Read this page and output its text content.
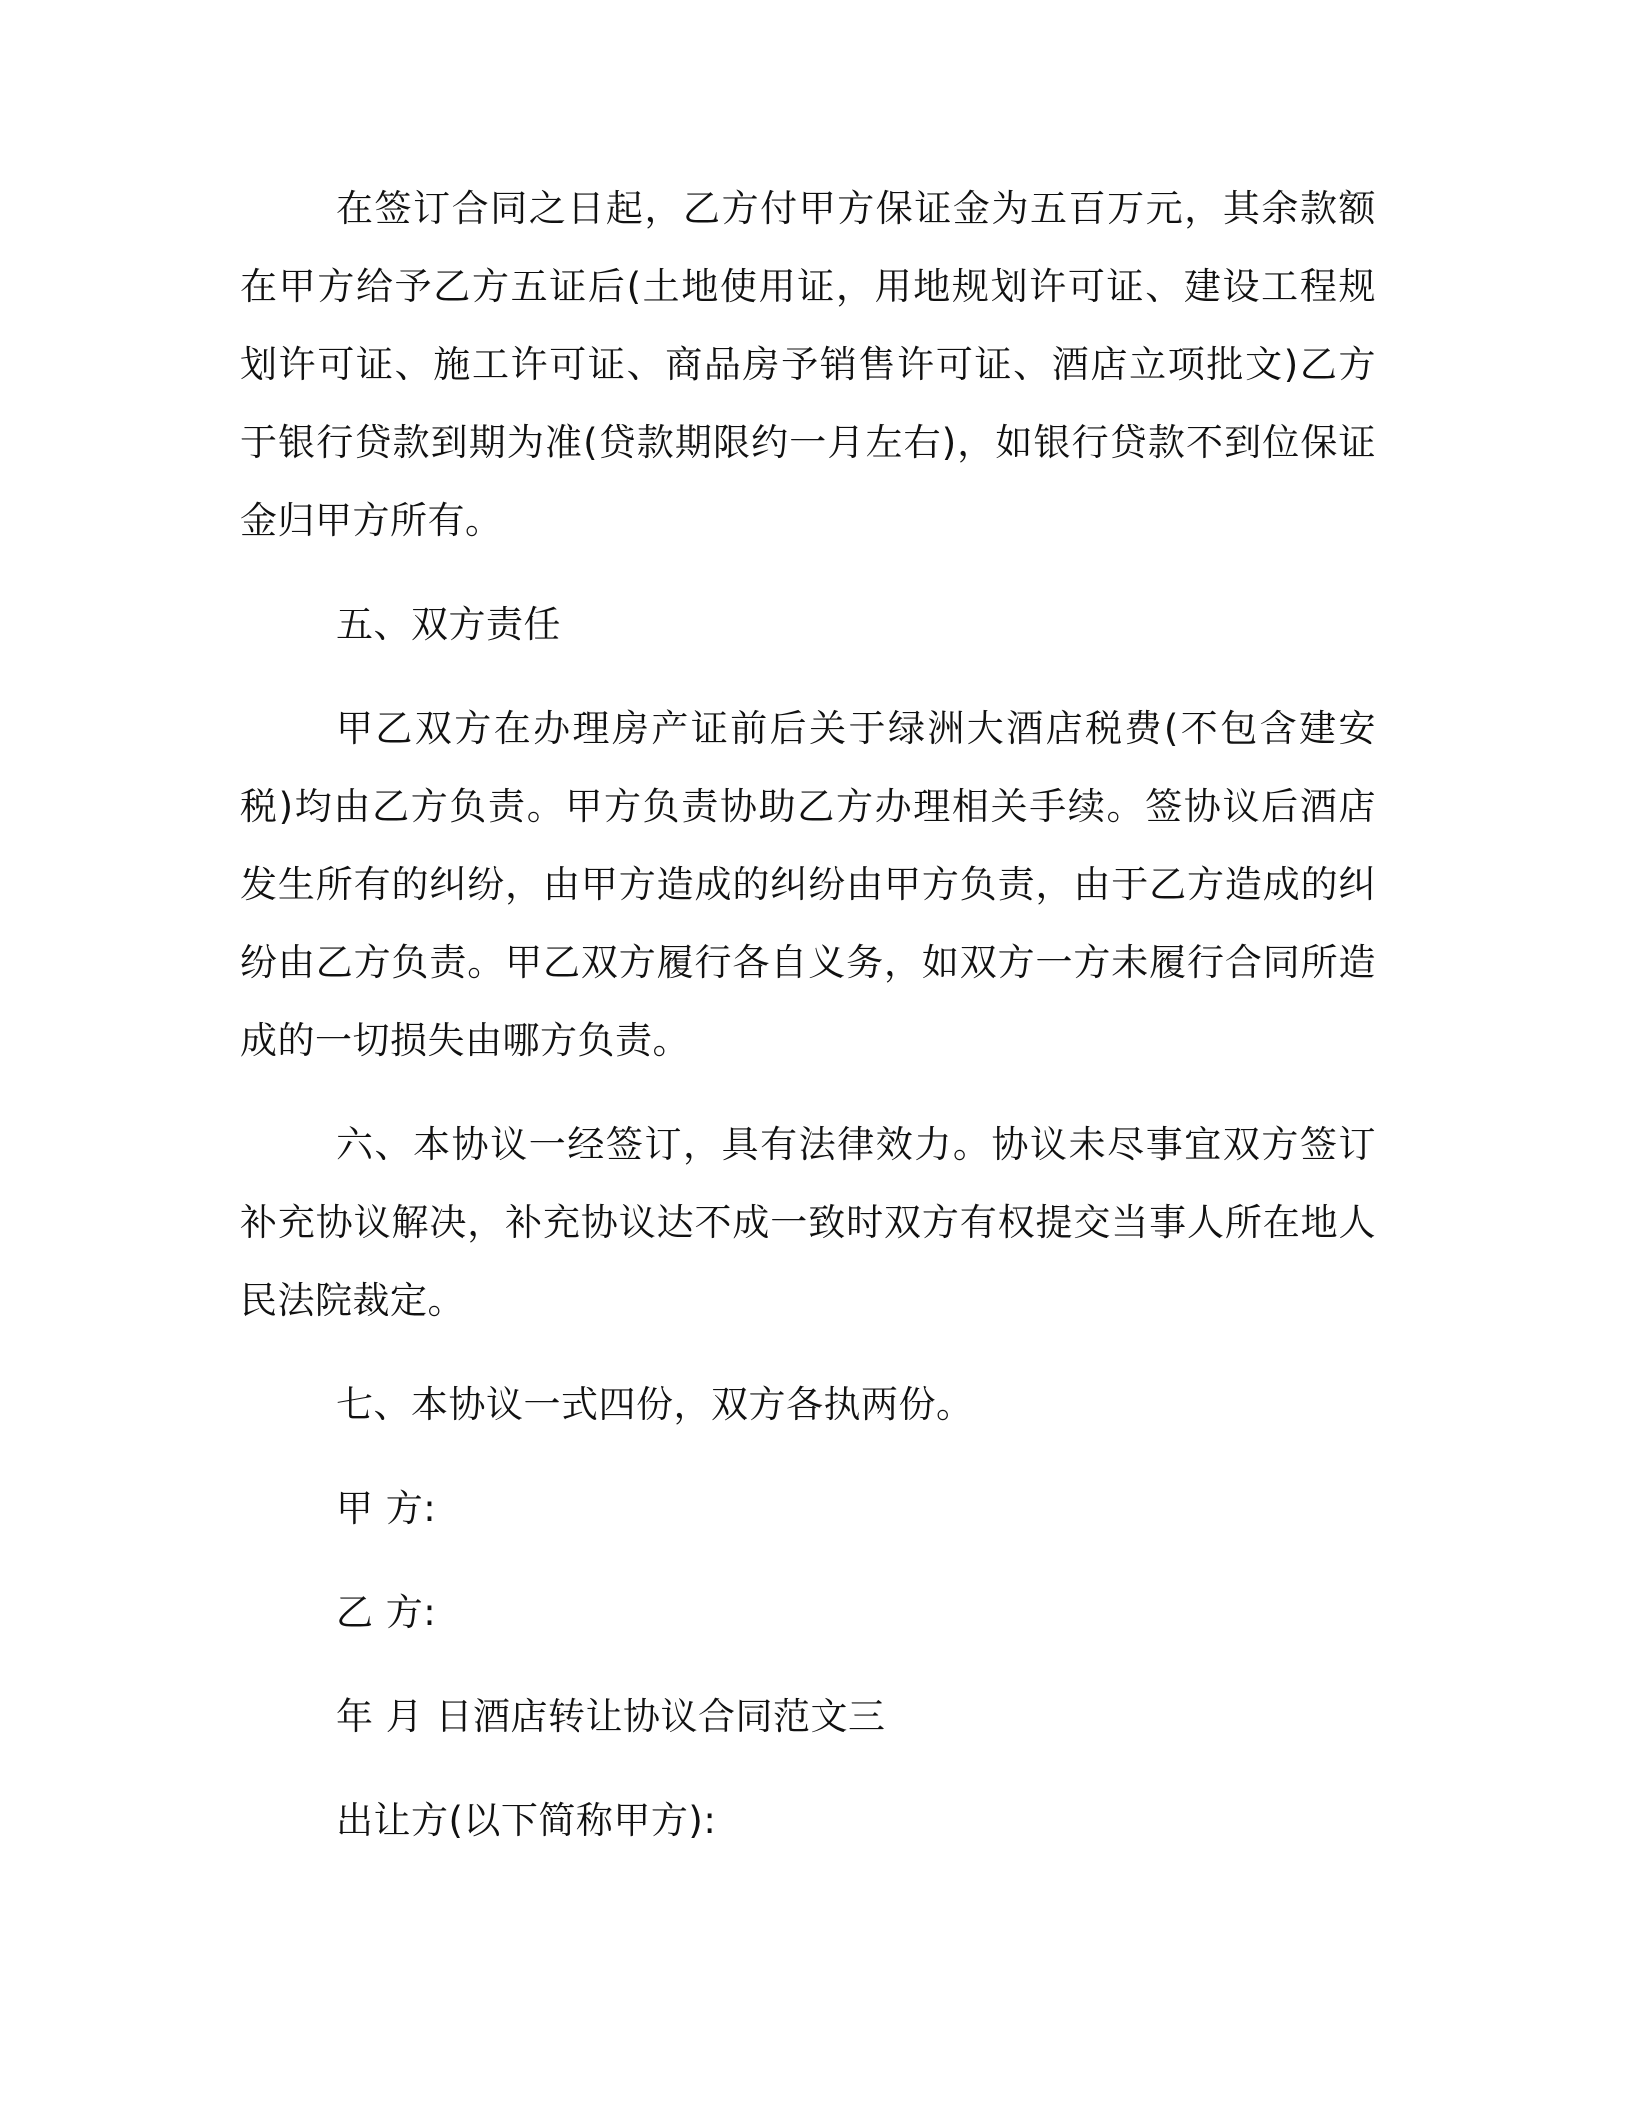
在签订合同之日起，乙方付甲方保证金为五百万元，其余款额在甲方给予乙方五证后(土地使用证，用地规划许可证、建设工程规划许可证、施工许可证、商品房予销售许可证、酒店立项批文)乙方于银行贷款到期为准(贷款期限约一月左右)，如银行贷款不到位保证金归甲方所有。

五、双方责任

甲乙双方在办理房产证前后关于绿洲大酒店税费(不包含建安税)均由乙方负责。甲方负责协助乙方办理相关手续。签协议后酒店发生所有的纠纷，由甲方造成的纠纷由甲方负责，由于乙方造成的纠纷由乙方负责。甲乙双方履行各自义务，如双方一方未履行合同所造成的一切损失由哪方负责。

六、本协议一经签订，具有法律效力。协议未尽事宜双方签订补充协议解决，补充协议达不成一致时双方有权提交当事人所在地人民法院裁定。

七、本协议一式四份，双方各执两份。

甲 方:

乙 方:

年 月 日酒店转让协议合同范文三

出让方(以下简称甲方):
